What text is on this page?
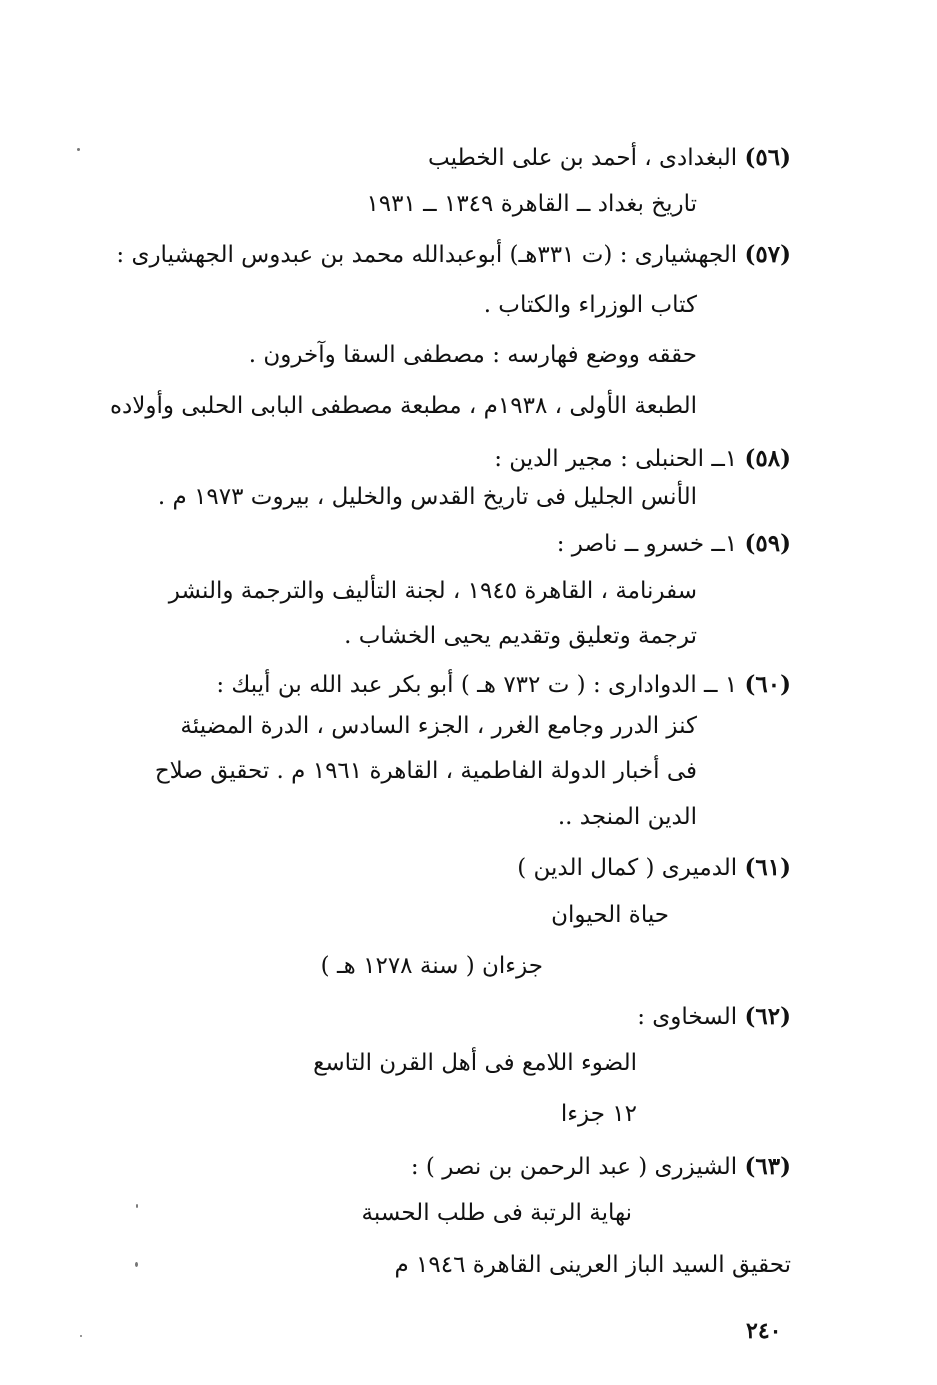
(٥٦) البغدادى ، أحمد بن على الخطيب
تاريخ بغداد ــ القاهرة ١٣٤٩ ــ ١٩٣١
(٥٧) الجهشيارى : (ت ٣٣١هـ) أبوعبدالله محمد بن عبدوس الجهشيارى :
كتاب الوزراء والكتاب .
حققه ووضع فهارسه : مصطفى السقا وآخرون .
الطبعة الأولى ، ١٩٣٨م ، مطبعة مصطفى البابى الحلبى وأولاده
(٥٨) ١ــ الحنبلى : مجير الدين :
الأنس الجليل فى تاريخ القدس والخليل ، بيروت ١٩٧٣ م .
(٥٩) ١ــ خسرو ــ ناصر :
سفرنامة ، القاهرة ١٩٤٥ ، لجنة التأليف والترجمة والنشر
ترجمة وتعليق وتقديم يحيى الخشاب .
(٦٠) ١ ــ الدوادارى : ( ت ٧٣٢ هـ ) أبو بكر عبد الله بن أيبك :
كنز الدرر وجامع الغرر ، الجزء السادس ، الدرة المضيئة
فى أخبار الدولة الفاطمية ، القاهرة ١٩٦١ م . تحقيق صلاح
الدين المنجد ..
(٦١) الدميرى ( كمال الدين )
حياة الحيوان
جزءان ( سنة ١٢٧٨ هـ )
(٦٢) السخاوى :
الضوء اللامع فى أهل القرن التاسع
١٢ جزءا
(٦٣) الشيزرى ( عبد الرحمن بن نصر ) :
نهاية الرتبة فى طلب الحسبة
تحقيق السيد الباز العرينى القاهرة ١٩٤٦ م
٢٤٠
